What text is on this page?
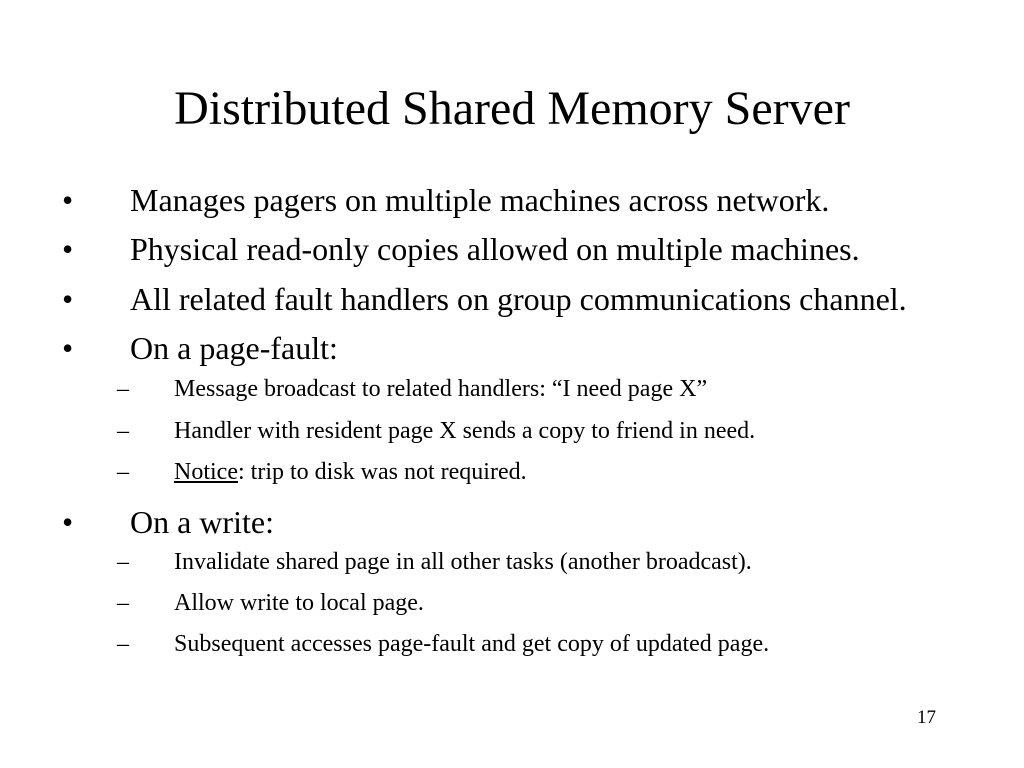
Distributed Shared Memory Server
• Manages pagers on multiple machines across network.
• Physical read-only copies allowed on multiple machines.
• All related fault handlers on group communications channel.
• On a page-fault:
– Message broadcast to related handlers: “I need page X”
– Handler with resident page X sends a copy to friend in need.
– Notice: trip to disk was not required.
• On a write:
– Invalidate shared page in all other tasks (another broadcast).
– Allow write to local page.
– Subsequent accesses page-fault and get copy of updated page.
17
